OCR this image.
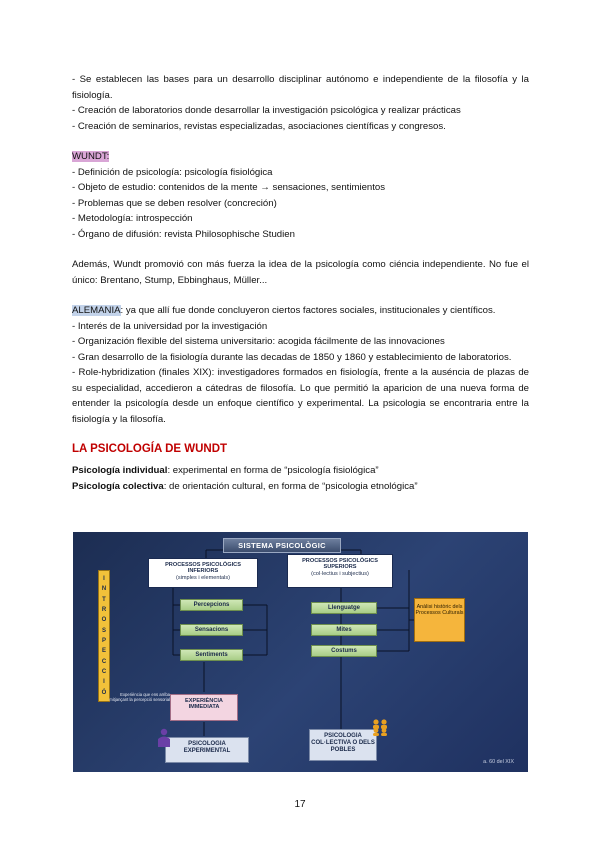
- Se establecen las bases para un desarrollo disciplinar autónomo e independiente de la filosofía y la fisiología.

- Creación de laboratorios donde desarrollar la investigación psicológica y realizar prácticas

- Creación de seminarios, revistas especializadas, asociaciones científicas y congresos.

WUNDT:

- Definición de psicología: psicología fisiológica

- Objeto de estudio: contenidos de la mente → sensaciones, sentimientos

- Problemas que se deben resolver (concreción)

- Metodología: introspección

- Órgano de difusión: revista Philosophische Studien

Además, Wundt promovió con más fuerza la idea de la psicología como ciéncia independiente. No fue el único: Brentano, Stump, Ebbinghaus, Müller...

ALEMANIA: ya que allí fue donde concluyeron ciertos factores sociales, institucionales y científicos.

- Interés de la universidad por la investigación

- Organización flexible del sistema universitario: acogida fácilmente de las innovaciones

- Gran desarrollo de la fisiología durante las decadas de 1850 y 1860 y establecimiento de laboratorios.

- Role-hybridization (finales XIX): investigadores formados en fisiología, frente a la auséncia de plazas de su especialidad, accedieron a cátedras de filosofía. Lo que permitió la aparicion de una nueva forma de entender la psicología desde un enfoque científico y experimental. La psicologia se encontraria entre la fisiología y la filosofía.

LA PSICOLOGÍA DE WUNDT

Psicología individual: experimental en forma de “psicología fisiológica”

Psicología colectiva: de orientación cultural, en forma de “psicologia etnológica”

SISTEMA PSICOLÒGIC
PROCESSOS PSICOLÒGICS INFERIORS
(simples i elementals)
PROCESSOS PSICOLÒGICS SUPERIORS
(col·lectius i subjectius)
I
N
T
R
O
S
P
E
C
C
I
Ó
Percepcions
Sensacions
Sentiments
Llenguatge
Mites
Costums
Anàlisi històric dels Processos Culturals
Experiència que ens arriba mitjançant la percepció sensorial	EXPERIÈNCIA IMMEDIATA
PSICOLOGIA EXPERIMENTAL
PSICOLOGIA COL·LECTIVA O DELS POBLES
a. 60 del XIX
17
